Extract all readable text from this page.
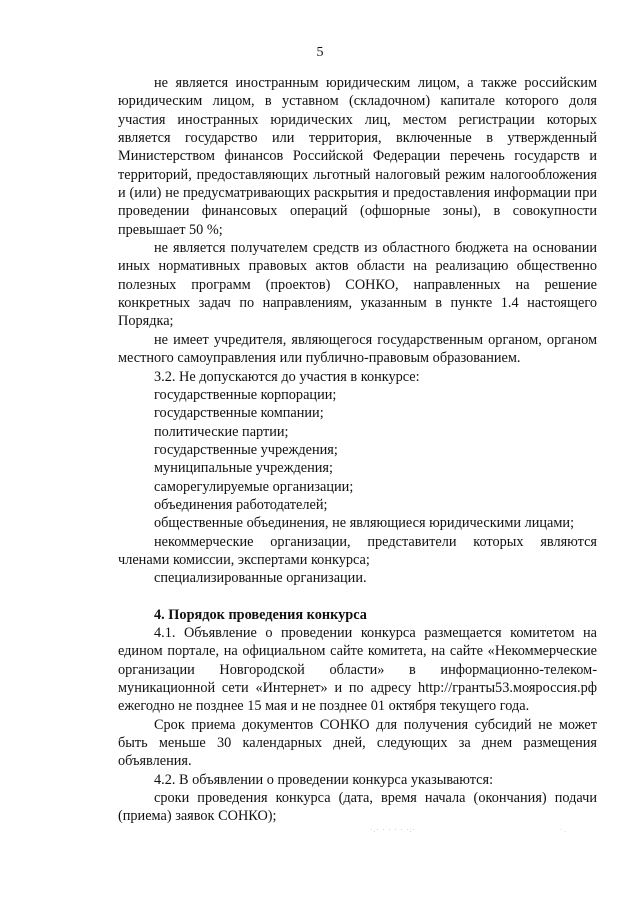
5

не является иностранным юридическим лицом, а также российским юридическим лицом, в уставном (складочном) капитале которого доля участия иностранных юридических лиц, местом регистрации которых является государство или территория, включенные в утвержденный Министерством финансов Российской Федерации перечень государств и территорий, предоставляющих льготный налоговый режим налогообложения и (или) не предусматривающих раскрытия и предоставления информации при проведении финансовых операций (офшорные зоны), в совокупности превышает 50 %;

не является получателем средств из областного бюджета на основании иных нормативных правовых актов области на реализацию общественно полезных программ (проектов) СОНКО, направленных на решение конкретных задач по направлениям, указанным в пункте 1.4 настоящего Порядка;

не имеет учредителя, являющегося государственным органом, органом местного самоуправления или публично-правовым образованием.

3.2. Не допускаются до участия в конкурсе:

государственные корпорации;

государственные компании;

политические партии;

государственные учреждения;

муниципальные учреждения;

саморегулируемые организации;

объединения работодателей;

общественные объединения, не являющиеся юридическими лицами;

некоммерческие организации, представители которых являются членами комиссии, экспертами конкурса;

специализированные организации.

4. Порядок проведения конкурса

4.1. Объявление о проведении конкурса размещается комитетом на едином портале, на официальном сайте комитета, на сайте «Некоммерческие организации Новгородской области» в информационно-телеком-муникационной сети «Интернет» и по адресу http://гранты53.мояроссия.рф ежегодно не позднее 15 мая и не позднее 01 октября текущего года.

Срок приема документов СОНКО для получения субсидий не может быть меньше 30 календарных дней, следующих за днем размещения объявления.

4.2. В объявлении о проведении конкурса указываются:

сроки проведения конкурса (дата, время начала (окончания) подачи (приема) заявок СОНКО);

·.· · · · · ·:·	· .
